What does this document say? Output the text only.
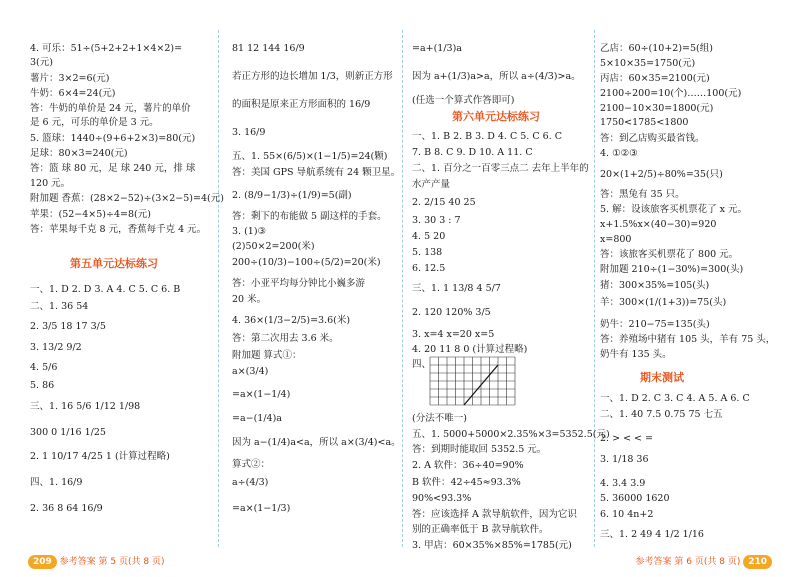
4. 可乐：51÷(5+2+2+1×4×2)=
3(元)
薯片：3×2=6(元)
牛奶：6×4=24(元)
答：牛奶的单价是 24 元，薯片的单价
是 6 元，可乐的单价是 3 元。
5. 篮球：1440÷(9+6+2×3)=80(元)
足球：80×3=240(元)
答：篮 球 80 元，足 球 240 元，排 球
120 元。
附加题 香蕉：(28×2−52)÷(3×2−5)=4(元)
苹果：(52−4×5)÷4=8(元)
答：苹果每千克 8 元，香蕉每千克 4 元。
第五单元达标练习
一、1. D 2. D 3. A 4. C 5. C 6. B
二、1. 36 54
2. 3/5 18 17 3/5
3. 13/2 9/2
4. 5/6
5. 86
三、1. 16 5/6 1/12 1/98
300 0 1/16 1/25
2. 1 10/17 4/25 1 (计算过程略)
四、1. 16/9
2. 36 8 64 16/9
81 12 144 16/9
若正方形的边长增加 1/3，则新正方形
的面积是原来正方形面积的 16/9
3. 16/9
五、1. 55×(6/5)×(1−1/5)=24(颗)
答：美国 GPS 导航系统有 24 颗卫星。
2. (8/9−1/3)÷(1/9)=5(副)
答：剩下的布能做 5 副这样的手套。
3. (1)③
(2)50×2=200(米)
200÷(10/3)−100÷(5/2)=20(米)
答：小亚平均每分钟比小巍多游
20 米。
4. 36×(1/3−2/5)=3.6(米)
答：第二次用去 3.6 米。
附加题 算式①：
a×(3/4)
=a×(1−1/4)
=a−(1/4)a
因为 a−(1/4)a<a，所以 a×(3/4)<a。
算式②：
a÷(4/3)
=a×(1−1/3)
=a+(1/3)a
因为 a+(1/3)a>a，所以 a÷(4/3)>a。
(任选一个算式作答即可)
第六单元达标练习
一、1. B 2. B 3. D 4. C 5. C 6. C
7. B 8. C 9. D 10. A 11. C
二、1. 百分之一百零三点二 去年上半年的
水产产量
2. 2/15 40 25
3. 30 3 : 7
4. 5 20
5. 138
6. 12.5
三、1. 1 13/8 4 5/7
2. 120 120% 3/5
3. x=4 x=20 x=5
4. 20 11 8 0 (计算过程略)
四、
(分法不唯一)
五、1. 5000+5000×2.35%×3=5352.5(元)
答：到期时能取回 5352.5 元。
2. A 软件：36÷40=90%
B 软件：42÷45≈93.3%
90%<93.3%
答：应该选择 A 款导航软件，因为它识
别的正确率低于 B 款导航软件。
3. 甲店：60×35%×85%=1785(元)
乙店：60÷(10+2)=5(组)
5×10×35=1750(元)
丙店：60×35=2100(元)
2100÷200=10(个)……100(元)
2100−10×30=1800(元)
1750<1785<1800
答：到乙店购买最省钱。
4. ①②③
20×(1+2/5)÷80%=35(只)
答：黑兔有 35 只。
5. 解：设该旅客买机票花了 x 元。
x+1.5%x×(40−30)=920
x=800
答：该旅客买机票花了 800 元。
附加题 210÷(1−30%)=300(头)
猪：300×35%=105(头)
羊：300×(1/(1+3))=75(头)
奶牛：210−75=135(头)
答：养殖场中猪有 105 头，羊有 75 头，
奶牛有 135 头。
期末测试
一、1. D 2. C 3. C 4. A 5. A 6. C
二、1. 40 7.5 0.75 75 七五
2. > < < =
3. 1/18 36
4. 3.4 3.9
5. 36000 1620
6. 10 4n+2
三、1. 2 49 4 1/2 1/16
209 参考答案 第 5 页(共 8 页)	参考答案 第 6 页(共 8 页) 210
